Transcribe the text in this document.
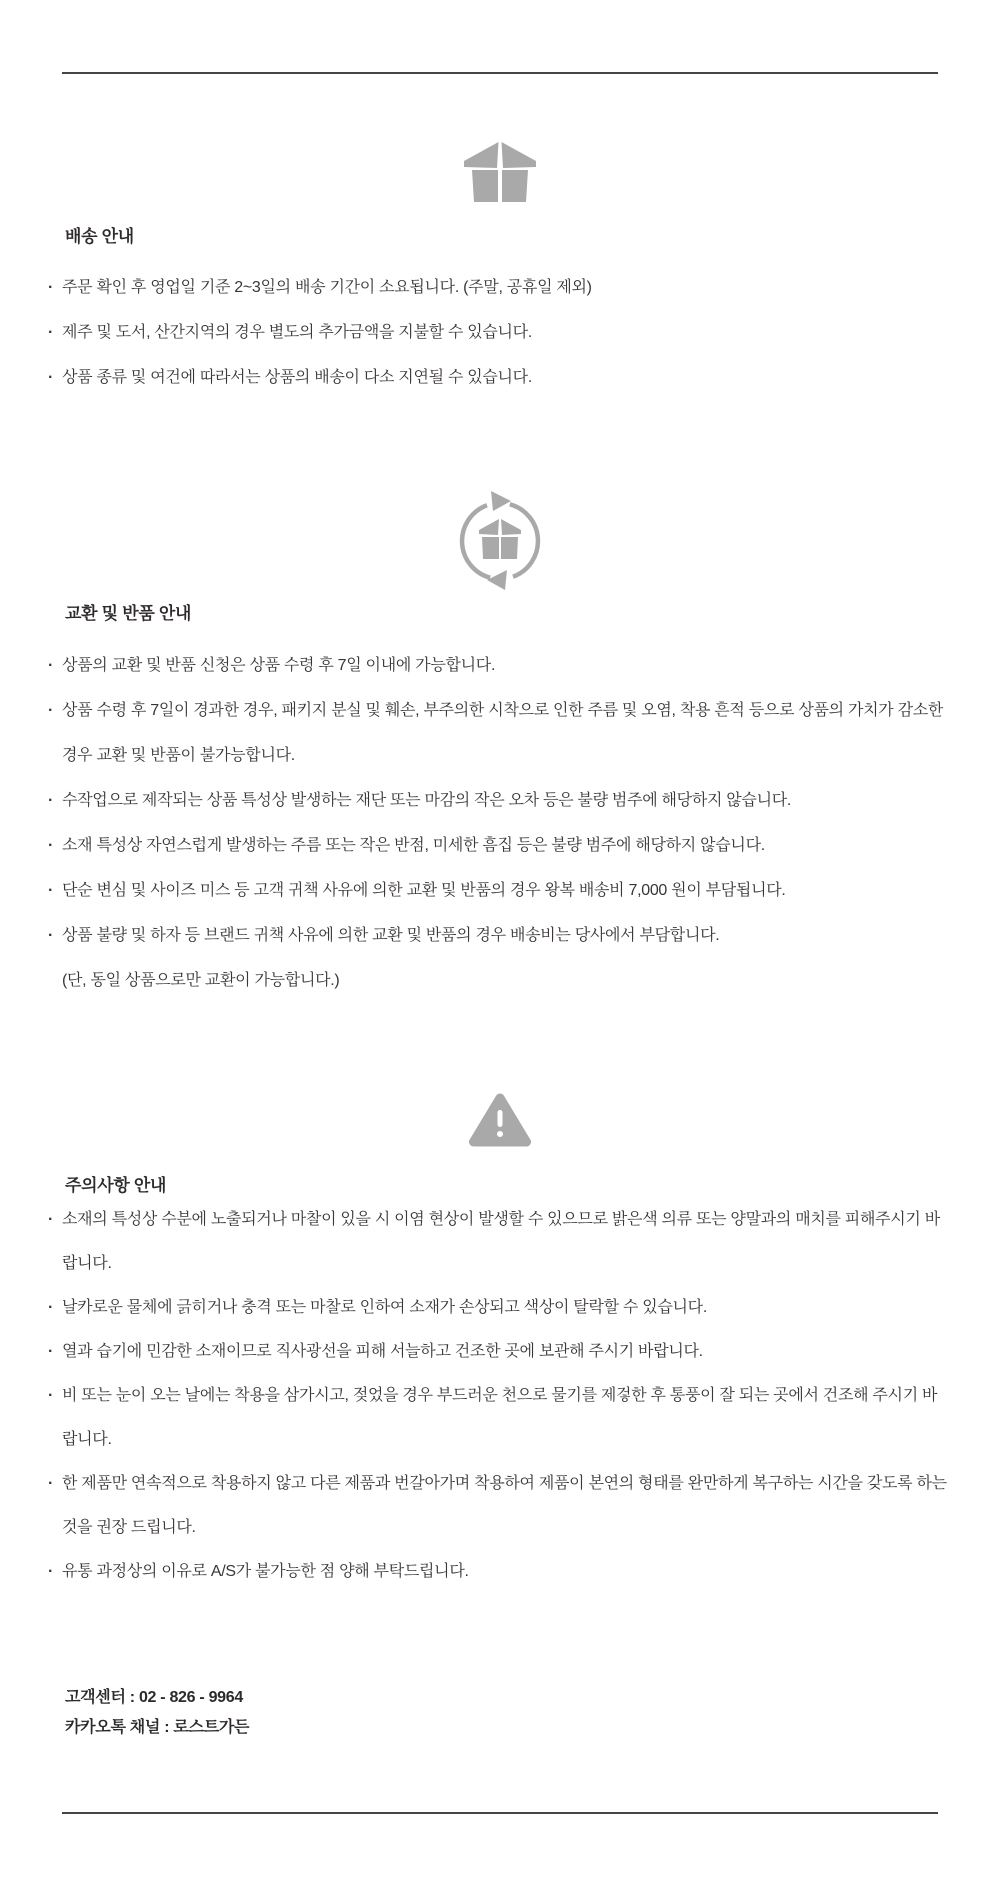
배송 안내
· 주문 확인 후 영업일 기준 2~3일의 배송 기간이 소요됩니다. (주말, 공휴일 제외)
· 제주 및 도서, 산간지역의 경우 별도의 추가금액을 지불할 수 있습니다.
· 상품 종류 및 여건에 따라서는 상품의 배송이 다소 지연될 수 있습니다.
교환 및 반품 안내
· 상품의 교환 및 반품 신청은 상품 수령 후 7일 이내에 가능합니다.
· 상품 수령 후 7일이 경과한 경우, 패키지 분실 및 훼손, 부주의한 시착으로 인한 주름 및 오염, 착용 흔적 등으로 상품의 가치가 감소한 경우 교환 및 반품이 불가능합니다.
· 수작업으로 제작되는 상품 특성상 발생하는 재단 또는 마감의 작은 오차 등은 불량 범주에 해당하지 않습니다.
· 소재 특성상 자연스럽게 발생하는 주름 또는 작은 반점, 미세한 흠집 등은 불량 범주에 해당하지 않습니다.
· 단순 변심 및 사이즈 미스 등 고객 귀책 사유에 의한 교환 및 반품의 경우 왕복 배송비 7,000 원이 부담됩니다.
· 상품 불량 및 하자 등 브랜드 귀책 사유에 의한 교환 및 반품의 경우 배송비는 당사에서 부담합니다.
(단, 동일 상품으로만 교환이 가능합니다.)
주의사항 안내
· 소재의 특성상 수분에 노출되거나 마찰이 있을 시 이염 현상이 발생할 수 있으므로 밝은색 의류 또는 양말과의 매치를 피해주시기 바랍니다.
· 날카로운 물체에 긁히거나 충격 또는 마찰로 인하여 소재가 손상되고 색상이 탈락할 수 있습니다.
· 열과 습기에 민감한 소재이므로 직사광선을 피해 서늘하고 건조한 곳에 보관해 주시기 바랍니다.
· 비 또는 눈이 오는 날에는 착용을 삼가시고, 젖었을 경우 부드러운 천으로 물기를 제겋한 후 통풍이 잘 되는 곳에서 건조해 주시기 바랍니다.
· 한 제품만 연속적으로 착용하지 않고 다른 제품과 번갈아가며 착용하여 제품이 본연의 형태를 완만하게 복구하는 시간을 갖도록 하는 것을 권장 드립니다.
· 유통 과정상의 이유로 A/S가 불가능한 점 양해 부탁드립니다.
고객센터 : 02 - 826 - 9964
카카오톡 채널 : 로스트가든
